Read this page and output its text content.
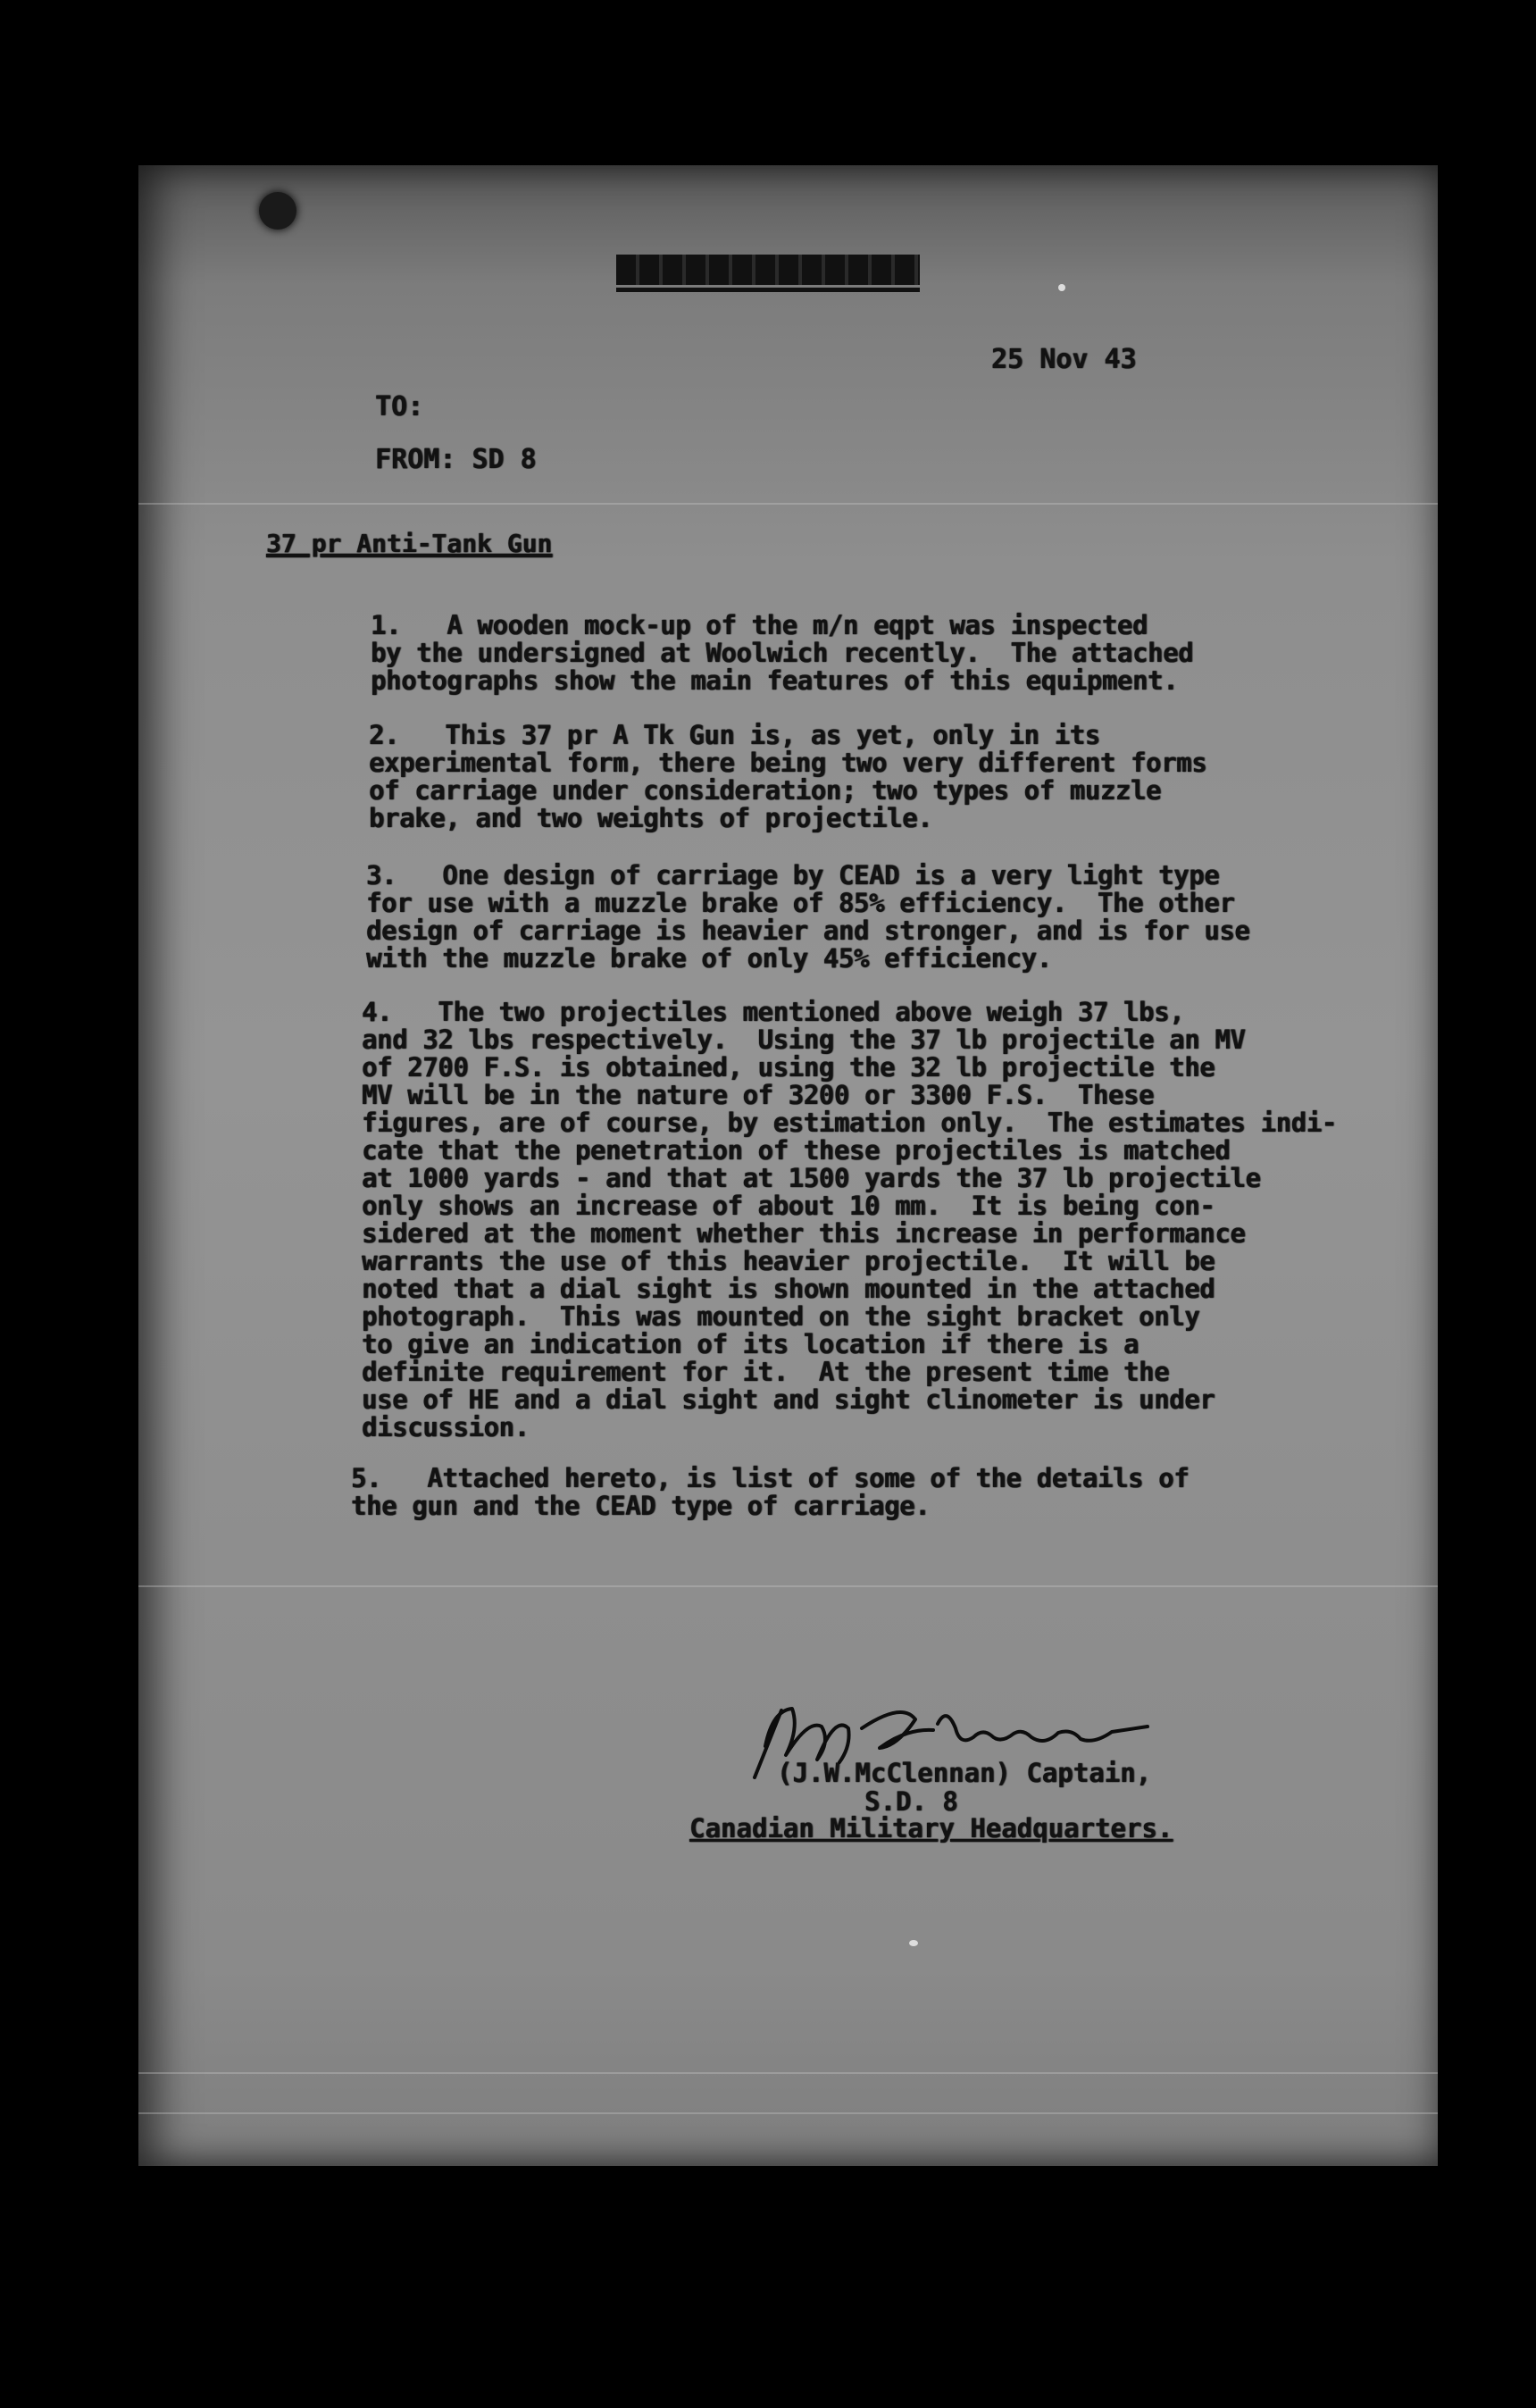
25 Nov 43
TO:
FROM: SD 8
37 pr Anti-Tank Gun
1.   A wooden mock-up of the m/n eqpt was inspected
by the undersigned at Woolwich recently.  The attached
photographs show the main features of this equipment.
2.   This 37 pr A Tk Gun is, as yet, only in its
experimental form, there being two very different forms
of carriage under consideration; two types of muzzle
brake, and two weights of projectile.
3.   One design of carriage by CEAD is a very light type
for use with a muzzle brake of 85% efficiency.  The other
design of carriage is heavier and stronger, and is for use
with the muzzle brake of only 45% efficiency.
4.   The two projectiles mentioned above weigh 37 lbs,
and 32 lbs respectively.  Using the 37 lb projectile an MV
of 2700 F.S. is obtained, using the 32 lb projectile the
MV will be in the nature of 3200 or 3300 F.S.  These
figures, are of course, by estimation only.  The estimates indi-
cate that the penetration of these projectiles is matched
at 1000 yards - and that at 1500 yards the 37 lb projectile
only shows an increase of about 10 mm.  It is being con-
sidered at the moment whether this increase in performance
warrants the use of this heavier projectile.  It will be
noted that a dial sight is shown mounted in the attached
photograph.  This was mounted on the sight bracket only
to give an indication of its location if there is a
definite requirement for it.  At the present time the
use of HE and a dial sight and sight clinometer is under
discussion.
5.   Attached hereto, is list of some of the details of
the gun and the CEAD type of carriage.
(J.W.McClennan) Captain,
S.D. 8
Canadian Military Headquarters.
